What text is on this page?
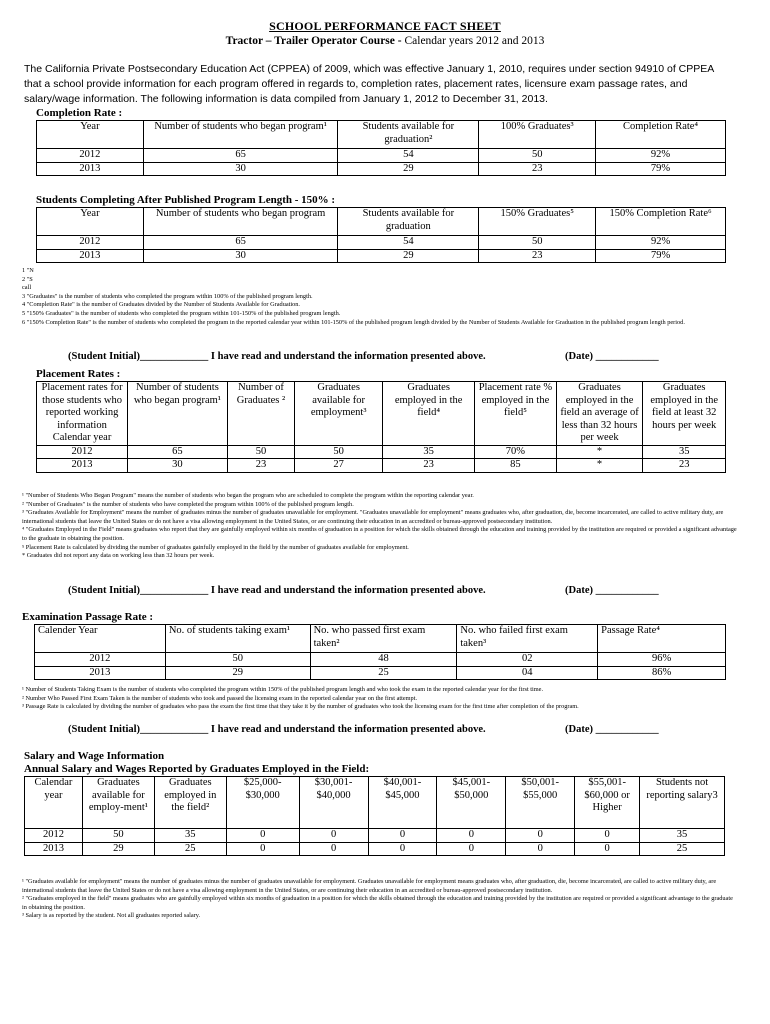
SCHOOL PERFORMANCE FACT SHEET
Tractor – Trailer Operator Course - Calendar years 2012 and 2013
The California Private Postsecondary Education Act (CPPEA) of 2009, which was effective January 1, 2010, requires under section 94910 of CPPEA that a school provide information for each program offered in regards to, completion rates, placement rates, licensure exam passage rates, and salary/wage information. The following information is data compiled from January 1, 2012 to December 31, 2013.
Completion Rate :
Year	Number of students who began program¹	Students available for graduation²	100% Graduates³	Completion Rate⁴
2012	65	54	50	92%
2013	30	29	23	79%
Students Completing After Published Program Length - 150% :
Year	Number of students who began program	Students available for graduation	150% Graduates⁵	150% Completion Rate⁶
2012	65	54	50	92%
2013	30	29	23	79%
1 "N
2 "S
call
3 "Graduates" is the number of students who completed the program within 100% of the published program length.
4 "Completion Rate" is the number of Graduates divided by the Number of Students Available for Graduation.
5 "150% Graduates" is the number of students who completed the program within 101-150% of the published program length.
6 "150% Completion Rate" is the number of students who completed the program in the reported calendar year within 101-150% of the published program length divided by the Number of Students Available for Graduation in the published program length period.
(Student Initial)_____________ I have read and understand the information presented above.	(Date) ____________
Placement Rates :
Placement rates for those students who reported working information Calendar year	Number of students who began program¹	Number of Graduates ²	Graduates available for employment³	Graduates employed in the field⁴	Placement rate % employed in the field⁵	Graduates employed in the field an average of less than 32 hours per week	Graduates employed in the field at least 32 hours per week
2012	65	50	50	35	70%	*	35
2013	30	23	27	23	85	*	23
¹ "Number of Students Who Began Program" means the number of students who began the program who are scheduled to complete the program within the reporting calendar year.
² "Number of Graduates" is the number of students who have completed the program within 100% of the published program length.
³ "Graduates Available for Employment" means the number of graduates minus the number of graduates unavailable for employment. "Graduates unavailable for employment" means graduates who, after graduation, die, become incarcerated, are called to active military duty, are international students that leave the United States or do not have a visa allowing employment in the United States, or are continuing their education in an accredited or bureau-approved postsecondary institution.
⁴ "Graduates Employed in the Field" means graduates who report that they are gainfully employed within six months of graduation in a position for which the skills obtained through the education and training provided by the institution are required or provided a significant advantage to the graduate in obtaining the position.
⁵ Placement Rate is calculated by dividing the number of graduates gainfully employed in the field by the number of graduates available for employment.
* Graduates did not report any data on working less than 32 hours per week.
(Student Initial)_____________ I have read and understand the information presented above.	(Date) ____________
Examination Passage Rate :
Calender Year	No. of students taking exam¹	No. who passed first exam taken²	No. who failed first exam taken³	Passage Rate⁴
2012	50	48	02	96%
2013	29	25	04	86%
¹ Number of Students Taking Exam is the number of students who completed the program within 150% of the published program length and who took the exam in the reported calendar year for the first time.
² Number Who Passed First Exam Taken is the number of students who took and passed the licensing exam in the reported calendar year on the first attempt.
³ Passage Rate is calculated by dividing the number of graduates who pass the exam the first time that they take it by the number of graduates who took the licensing exam for the first time after completion of the program.
(Student Initial)_____________ I have read and understand the information presented above.	(Date) ____________
Salary and Wage Information
Annual Salary and Wages Reported by Graduates Employed in the Field:
Calendar year	Graduates available for employ-ment¹	Graduates employed in the field²	$25,000- $30,000	$30,001- $40,000	$40,001- $45,000	$45,001- $50,000	$50,001- $55,000	$55,001- $60,000 or Higher	Students not reporting salary3
2012	50	35	0	0	0	0	0	0	35
2013	29	25	0	0	0	0	0	0	25
¹ "Graduates available for employment" means the number of graduates minus the number of graduates unavailable for employment. Graduates unavailable for employment means graduates who, after graduation, die, become incarcerated, are called to active military duty, are international students that leave the United States or do not have a visa allowing employment in the United States, or are continuing their education in an accredited or bureau-approved postsecondary institution.
² "Graduates employed in the field" means graduates who are gainfully employed within six months of graduation in a position for which the skills obtained through the education and training provided by the institution are required or provided a significant advantage to the graduate in obtaining the position.
³ Salary is as reported by the student. Not all graduates reported salary.
